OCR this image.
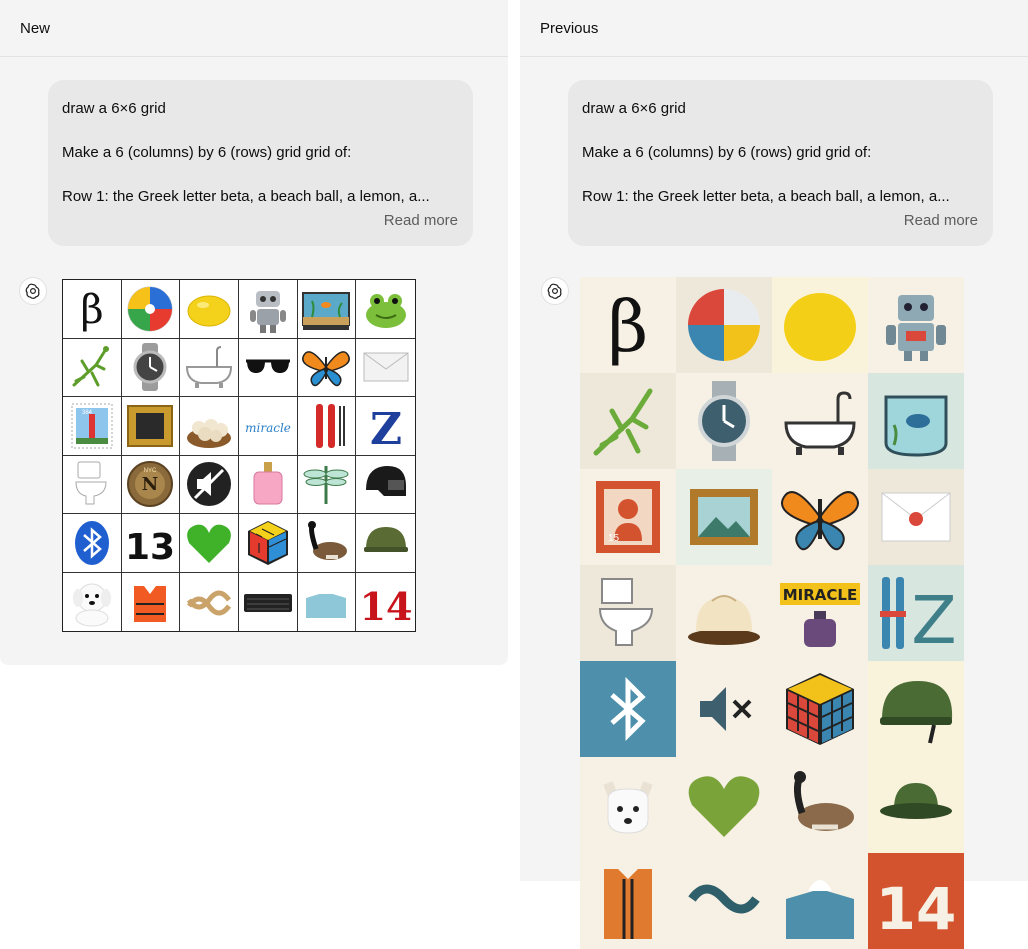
New

draw a 6×6 grid

Make a 6 (columns) by 6 (rows) grid grid of:

Row 1: the Greek letter beta, a beach ball, a lemon, a...

Read more
β
384
miracle Z
NYC
N
13
14
Previous

draw a 6×6 grid

Make a 6 (columns) by 6 (rows) grid grid of:

Row 1: the Greek letter beta, a beach ball, a lemon, a...

Read more
β
15
MIRACLE Z
14
